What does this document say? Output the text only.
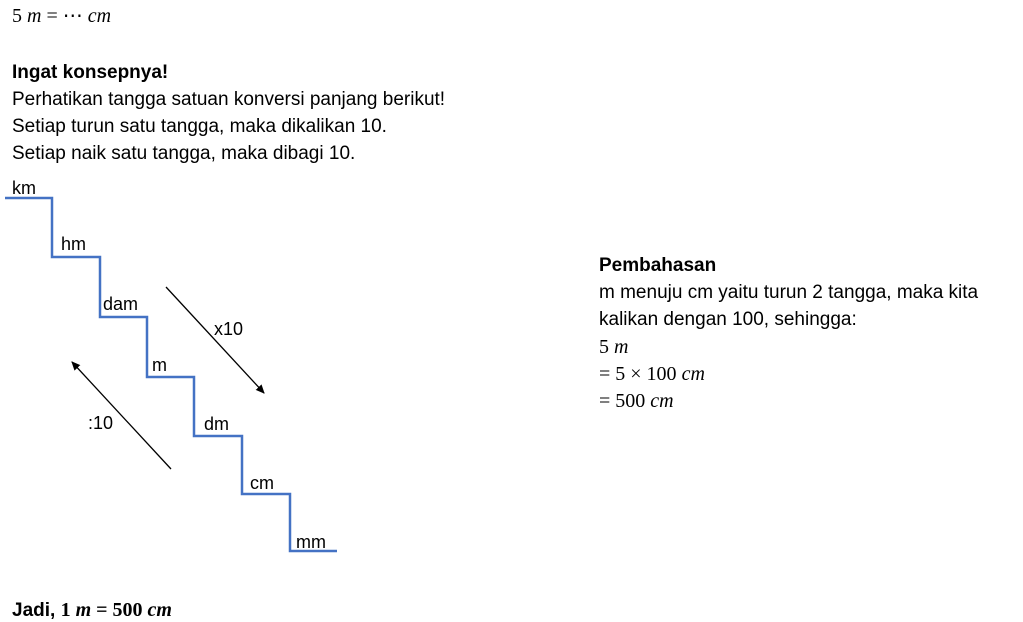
5 m = ⋯ cm
Ingat konsepnya!
Perhatikan tangga satuan konversi panjang berikut!
Setiap turun satu tangga, maka dikalikan 10.
Setiap naik satu tangga, maka dibagi 10.
km
hm
dam
m
dm
cm
mm
x10
:10
Pembahasan
m menuju cm yaitu turun 2 tangga, maka kita
kalikan dengan 100, sehingga:
5 m
= 5 × 100 cm
= 500 cm
Jadi, 1 m = 500 cm
